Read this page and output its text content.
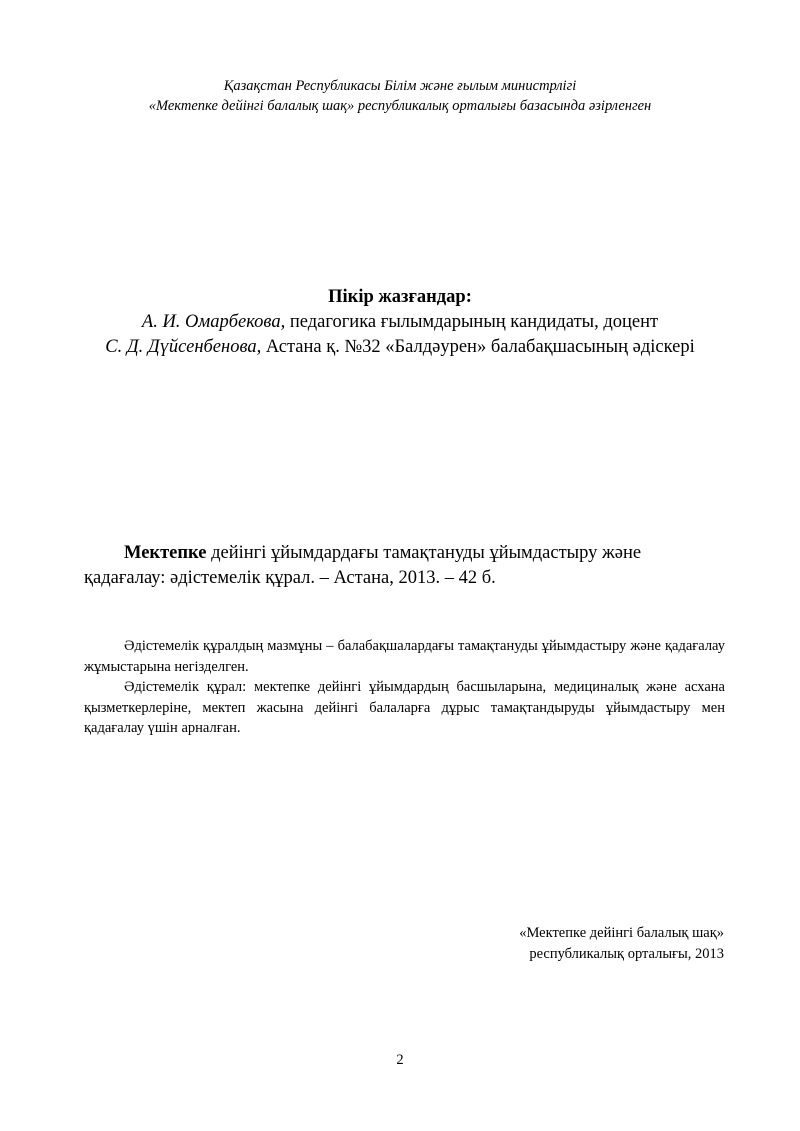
Қазақстан Республикасы Білім және ғылым министрлігі
«Мектепке дейінгі балалық шақ» республикалық орталығы базасында әзірленген
Пікір жазғандар:
А. И. Омарбекова, педагогика ғылымдарының кандидаты, доцент
С. Д. Дүйсенбенова, Астана қ. №32 «Балдәурен» балабақшасының әдіскері

Мектепке дейінгі ұйымдардағы тамақтануды ұйымдастыру және қадағалау: әдістемелік құрал. – Астана, 2013. – 42 б.

Әдістемелік құралдың мазмұны – балабақшалардағы тамақтануды ұйымдастыру және қадағалау жұмыстарына негізделген.

Әдістемелік құрал: мектепке дейінгі ұйымдардың басшыларына, медициналық және асхана қызметкерлеріне, мектеп жасына дейінгі балаларға дұрыс тамақтандыруды ұйымдастыру мен қадағалау үшін арналған.

«Мектепке дейінгі балалық шақ»
республикалық орталығы, 2013
2
